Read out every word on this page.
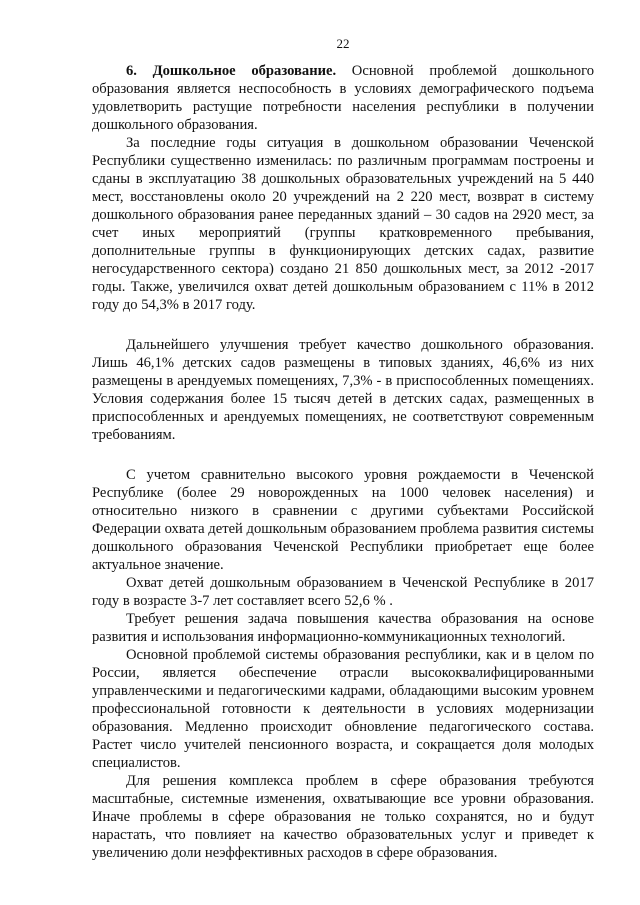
22

6. Дошкольное образование. Основной проблемой дошкольного образования является неспособность в условиях демографического подъема удовлетворить растущие потребности населения республики в получении дошкольного образования.

За последние годы ситуация в дошкольном образовании Чеченской Республики существенно изменилась: по различным программам построены и сданы в эксплуатацию 38 дошкольных образовательных учреждений на 5 440 мест, восстановлены около 20 учреждений на 2 220 мест, возврат в систему дошкольного образования ранее переданных зданий – 30 садов на 2920 мест, за счет иных мероприятий (группы кратковременного пребывания, дополнительные группы в функционирующих детских садах, развитие негосударственного сектора) создано 21 850 дошкольных мест, за 2012 -2017 годы. Также, увеличился охват детей дошкольным образованием с 11% в 2012 году до 54,3% в 2017 году.

Дальнейшего улучшения требует качество дошкольного образования. Лишь 46,1% детских садов размещены в типовых зданиях, 46,6% из них размещены в арендуемых помещениях, 7,3% - в приспособленных помещениях. Условия содержания более 15 тысяч детей в детских садах, размещенных в приспособленных и арендуемых помещениях, не соответствуют современным требованиям.

С учетом сравнительно высокого уровня рождаемости в Чеченской Республике (более 29 новорожденных на 1000 человек населения) и относительно низкого в сравнении с другими субъектами Российской Федерации охвата детей дошкольным образованием проблема развития системы дошкольного образования Чеченской Республики приобретает еще более актуальное значение.

Охват детей дошкольным образованием в Чеченской Республике в 2017 году в возрасте 3-7 лет составляет всего 52,6 % .

Требует решения задача повышения качества образования на основе развития и использования информационно-коммуникационных технологий.

Основной проблемой системы образования республики, как и в целом по России, является обеспечение отрасли высококвалифицированными управленческими и педагогическими кадрами, обладающими высоким уровнем профессиональной готовности к деятельности в условиях модернизации образования. Медленно происходит обновление педагогического состава. Растет число учителей пенсионного возраста, и сокращается доля молодых специалистов.

Для решения комплекса проблем в сфере образования требуются масштабные, системные изменения, охватывающие все уровни образования. Иначе проблемы в сфере образования не только сохранятся, но и будут нарастать, что повлияет на качество образовательных услуг и приведет к увеличению доли неэффективных расходов в сфере образования.
